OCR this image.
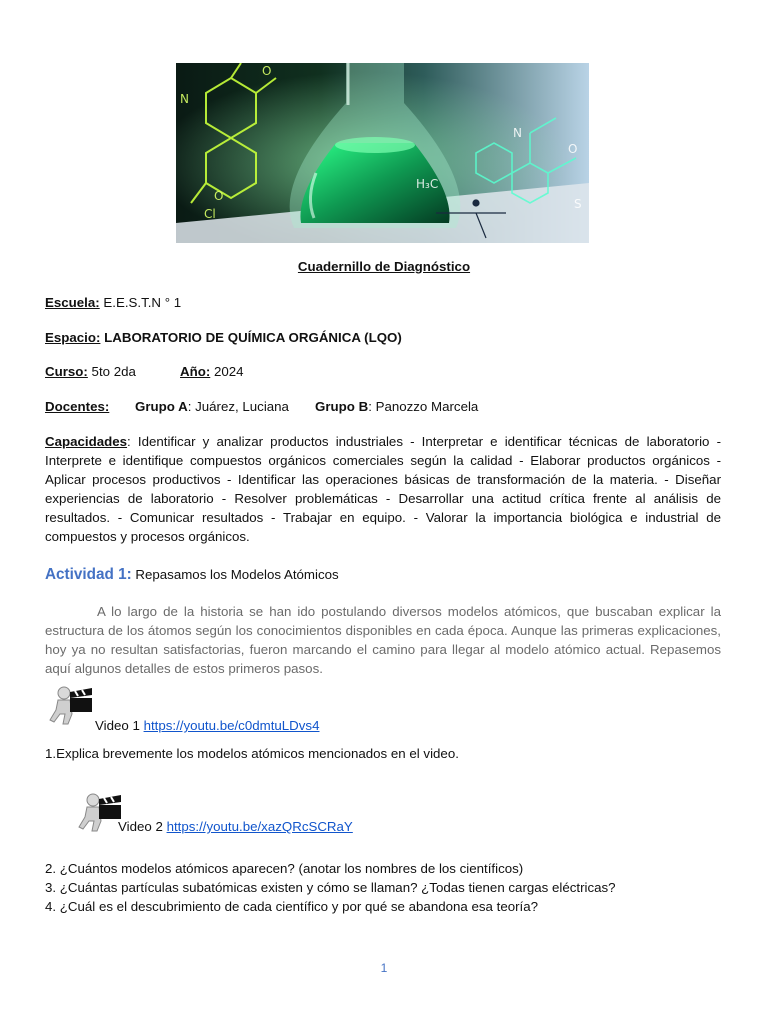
O
N
Cl
O
N
O
S
H₃C
Cuadernillo de Diagnóstico
Escuela: E.E.S.T.N ° 1
Espacio: LABORATORIO DE QUÍMICA ORGÁNICA (LQO)
Curso: 5to 2da	Año: 2024
Docentes: Grupo A: Juárez, Luciana Grupo B: Panozzo Marcela
Capacidades: Identificar y analizar productos industriales - Interpretar e identificar técnicas de laboratorio - Interprete e identifique compuestos orgánicos comerciales según la calidad - Elaborar productos orgánicos - Aplicar procesos productivos - Identificar las operaciones básicas de transformación de la materia. - Diseñar experiencias de laboratorio - Resolver problemáticas - Desarrollar una actitud crítica frente al análisis de resultados. - Comunicar resultados - Trabajar en equipo. - Valorar la importancia biológica e industrial de compuestos y procesos orgánicos.
Actividad 1: Repasamos los Modelos Atómicos
A lo largo de la historia se han ido postulando diversos modelos atómicos, que buscaban explicar la estructura de los átomos según los conocimientos disponibles en cada época. Aunque las primeras explicaciones, hoy ya no resultan satisfactorias, fueron marcando el camino para llegar al modelo atómico actual. Repasemos aquí algunos detalles de estos primeros pasos.
Video 1 https://youtu.be/c0dmtuLDvs4
1.Explica brevemente los modelos atómicos mencionados en el video.
Video 2 https://youtu.be/xazQRcSCRaY
2. ¿Cuántos modelos atómicos aparecen? (anotar los nombres de los científicos)
3. ¿Cuántas partículas subatómicas existen y cómo se llaman? ¿Todas tienen cargas eléctricas?
4. ¿Cuál es el descubrimiento de cada científico y por qué se abandona esa teoría?
1
